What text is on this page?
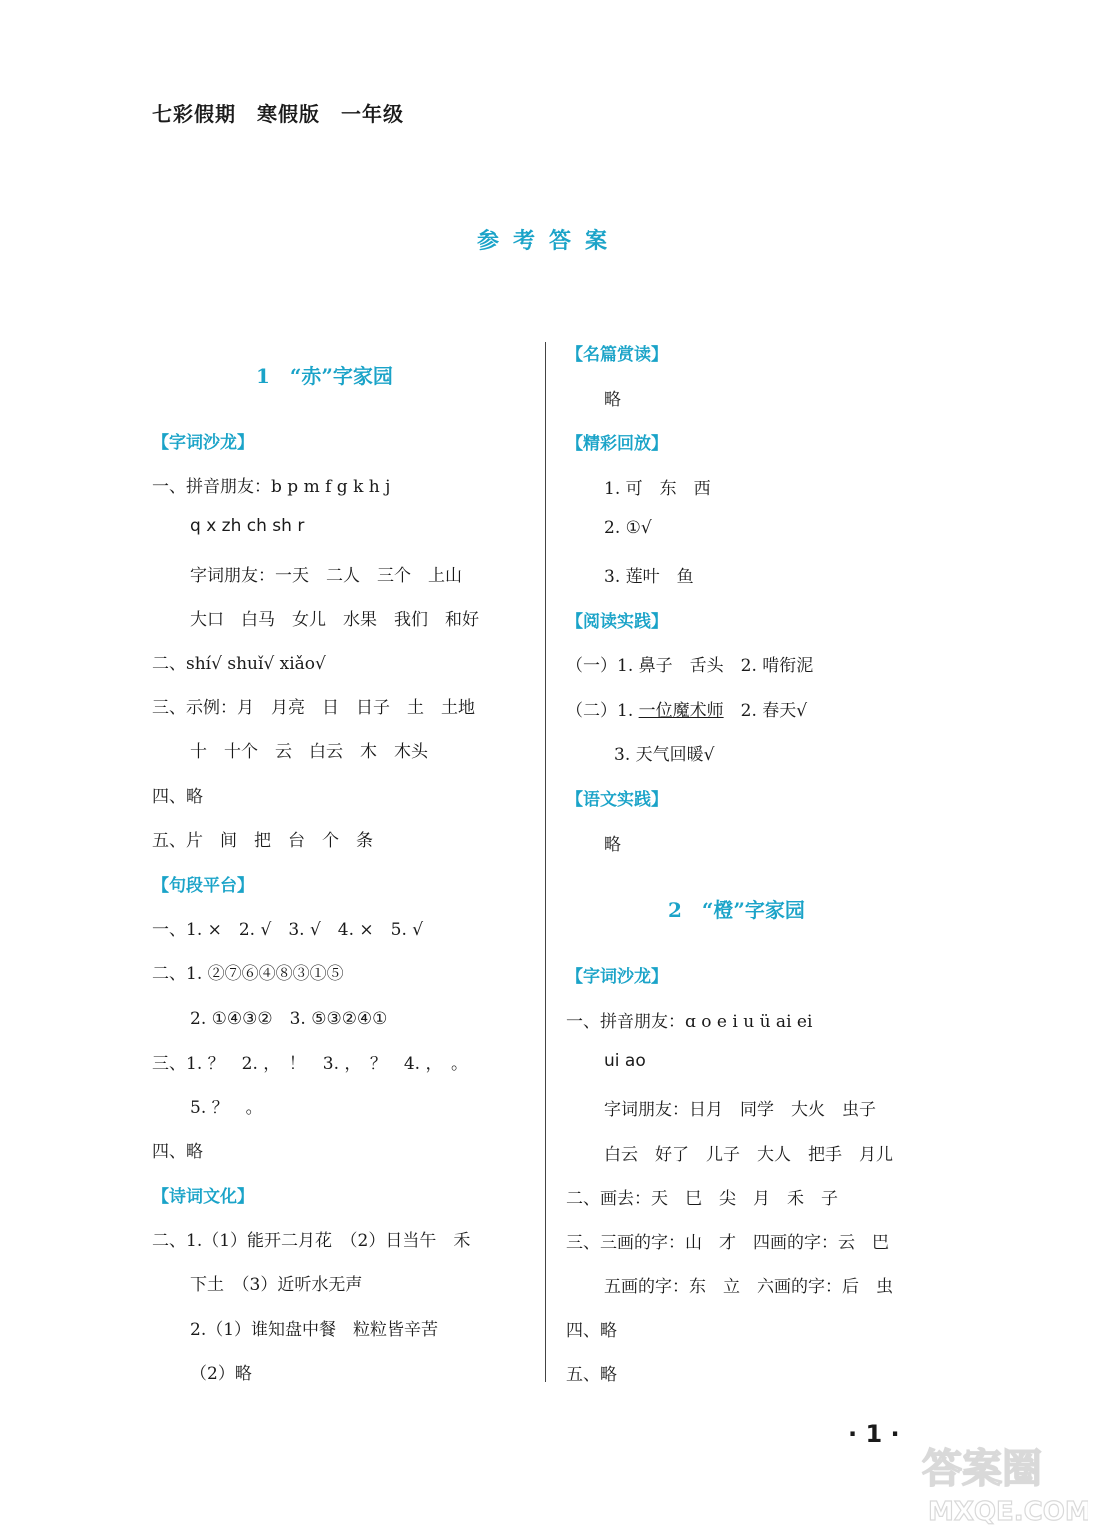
七彩假期　寒假版　一年级
参考答案
1　“赤”字家园
【字词沙龙】
一、拼音朋友：b p m f g k h j
q x zh ch sh r
字词朋友：一天　二人　三个　上山
大口　白马　女儿　水果　我们　和好
二、shí√ shuǐ√ xiǎo√
三、示例：月　月亮　日　日子　土　土地
十　十个　云　白云　木　木头
四、略
五、片　间　把　台　个　条
【句段平台】
一、1. ×　2. √　3. √　4. ×　5. √
二、1. ②⑦⑥④⑧③①⑤
2. ①④③②　3. ⑤③②④①
三、1. ？　2. ，　！　3. ，　？　4. ，　。
5. ？　。
四、略
【诗词文化】
二、1.（1）能开二月花　（2）日当午　禾
下土　（3）近听水无声
2.（1）谁知盘中餐　粒粒皆辛苦
（2）略
【名篇赏读】
略
【精彩回放】
1. 可　东　西
2. ①√
3. 莲叶　鱼
【阅读实践】
（一）1. 鼻子　舌头　2. 啃衔泥
（二）1. 一位魔术师　2. 春天√
3. 天气回暖√
【语文实践】
略
2　“橙”字家园
【字词沙龙】
一、拼音朋友：ɑ o e i u ü ai ei
ui ao
字词朋友：日月　同学　大火　虫子
白云　好了　儿子　大人　把手　月儿
二、画去：天　巳　尖　月　禾　子
三、三画的字：山　才　四画的字：云　巴
五画的字：东　立　六画的字：后　虫
四、略
五、略
· 1 ·
答案圈
MXQE.COM
